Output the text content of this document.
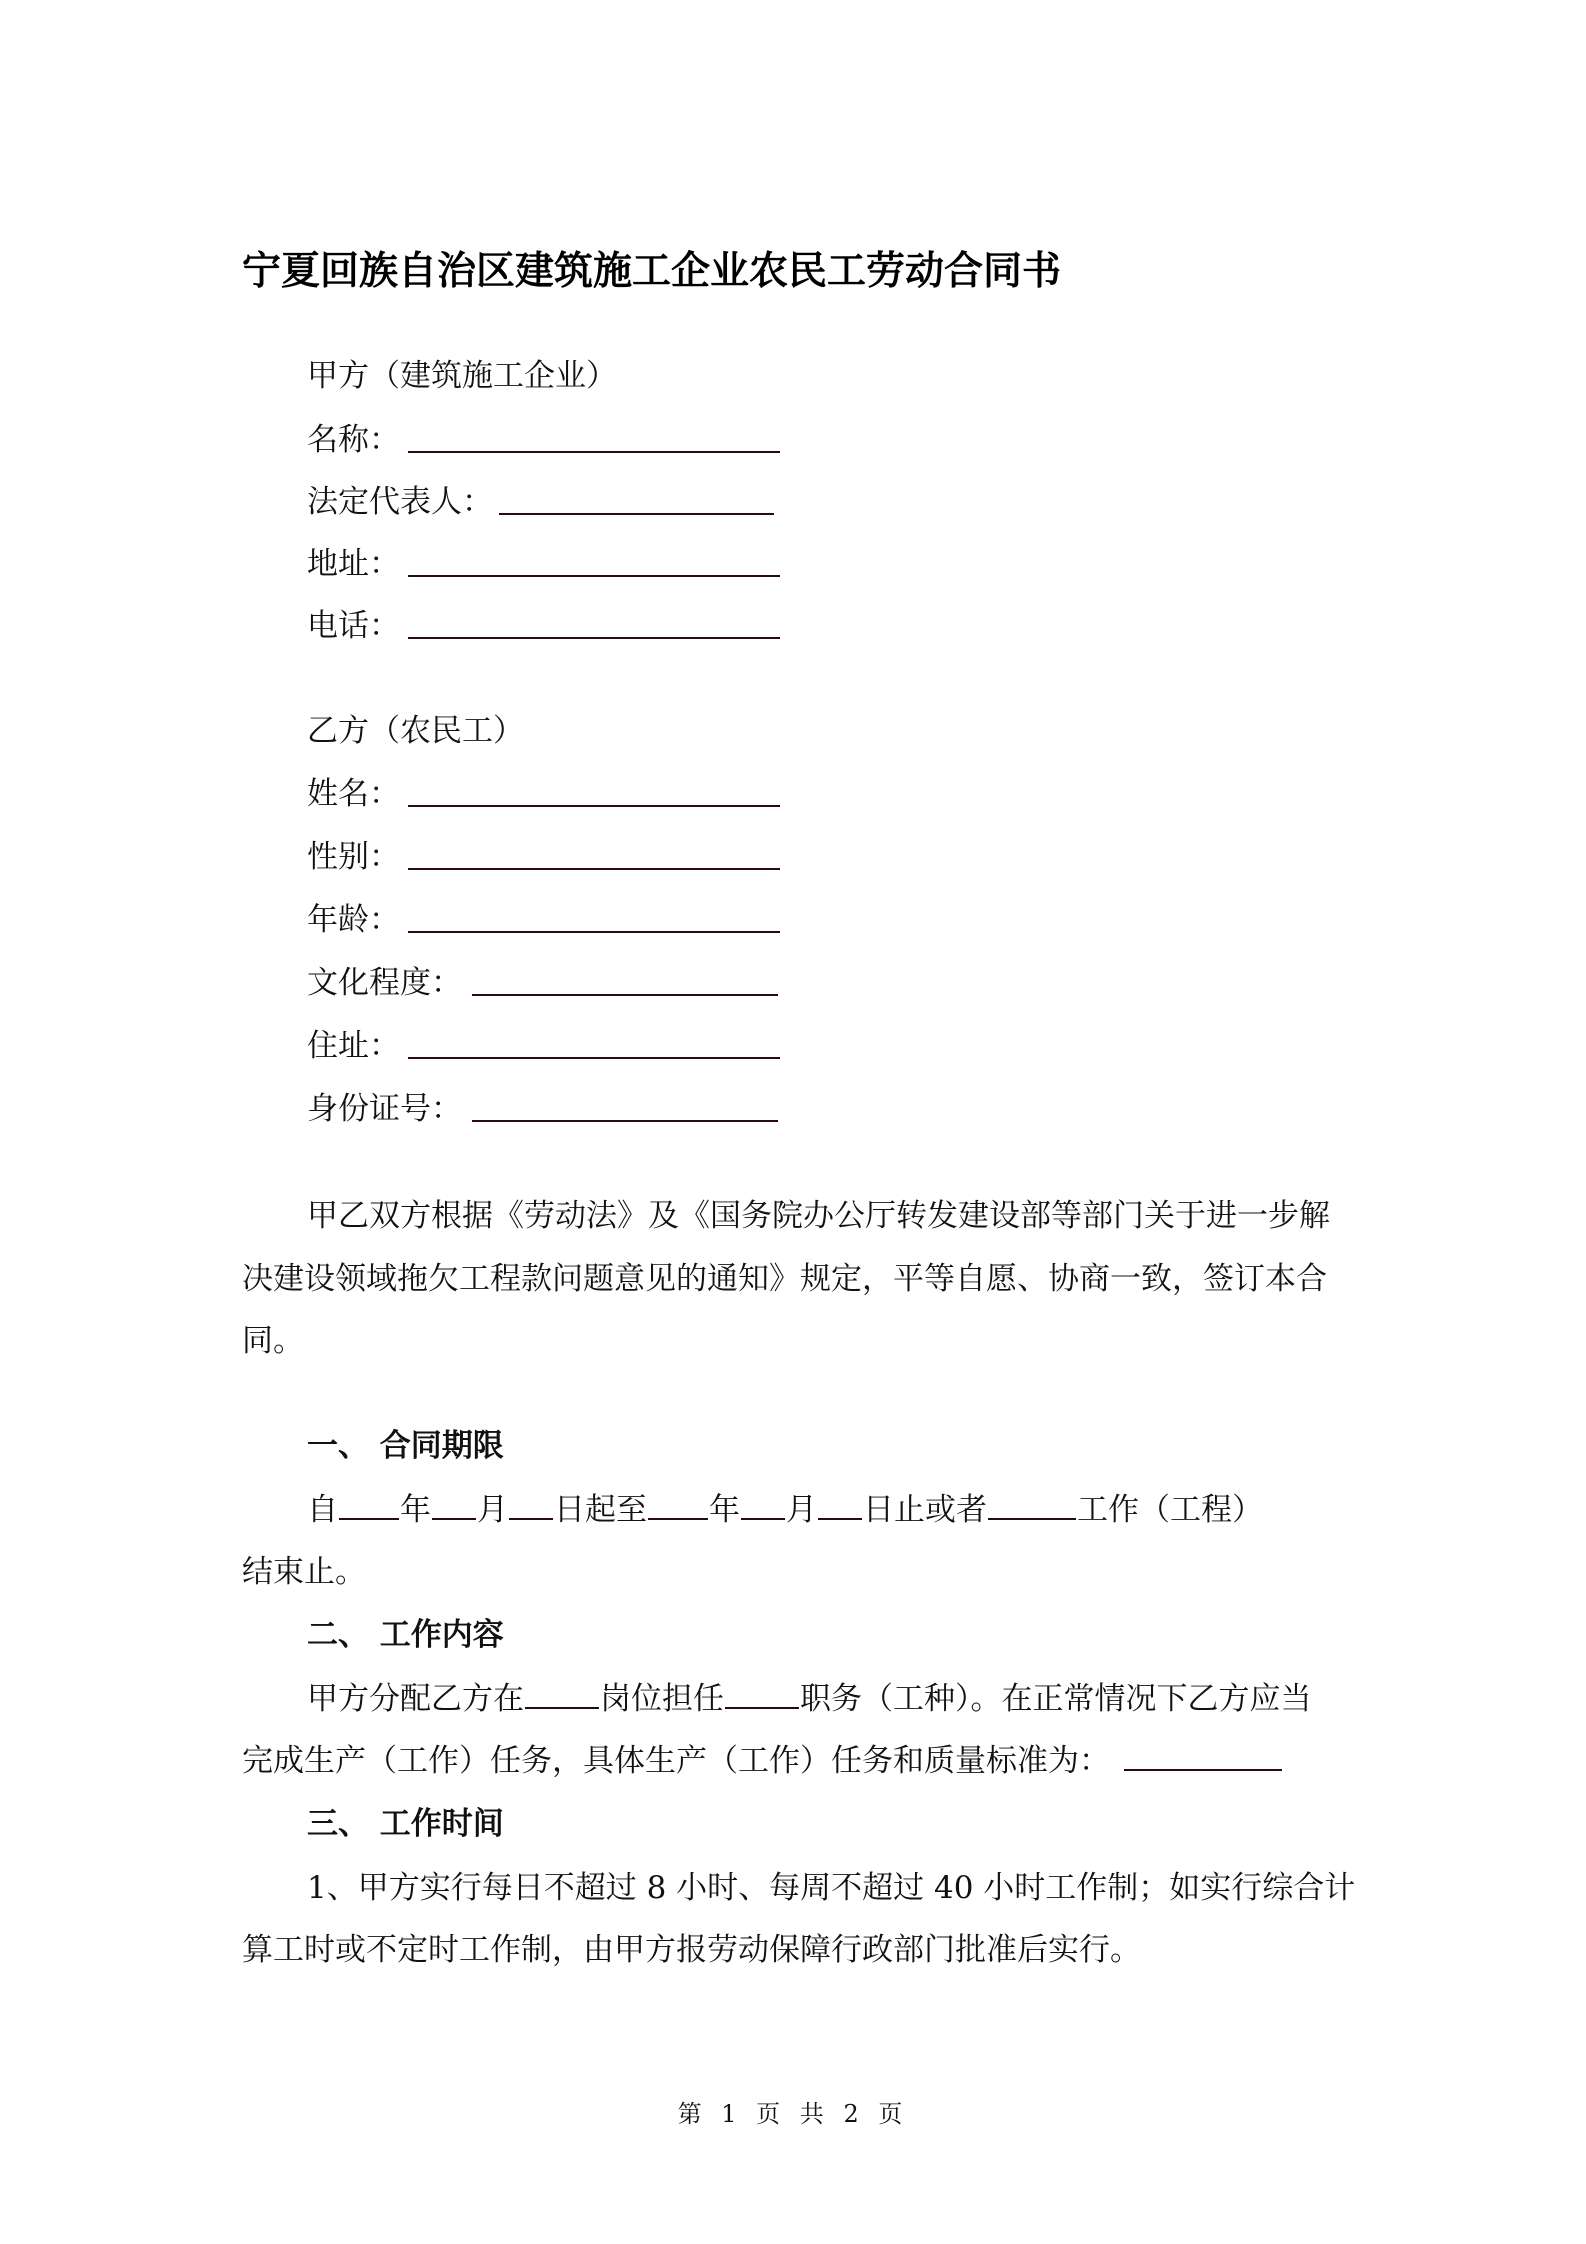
宁夏回族自治区建筑施工企业农民工劳动合同书
甲方（建筑施工企业）
名称：
法定代表人：
地址：
电话：
乙方（农民工）
姓名：
性别：
年龄：
文化程度：
住址：
身份证号：
甲乙双方根据《劳动法》及《国务院办公厅转发建设部等部门关于进一步解
决建设领域拖欠工程款问题意见的通知》规定，平等自愿、协商一致，签订本合
同。
一、 合同期限
自 年 月 日起至 年 月 日止或者	工作（工程）
结束止。
二、 工作内容
甲方分配乙方在 岗位担任 职务（工种）。在正常情况下乙方应当
完成生产（工作）任务，具体生产（工作）任务和质量标准为：
三、 工作时间
1、甲方实行每日不超过 8 小时、每周不超过 40 小时工作制；如实行综合计
算工时或不定时工作制，由甲方报劳动保障行政部门批准后实行。
第 1 页 共 2 页
